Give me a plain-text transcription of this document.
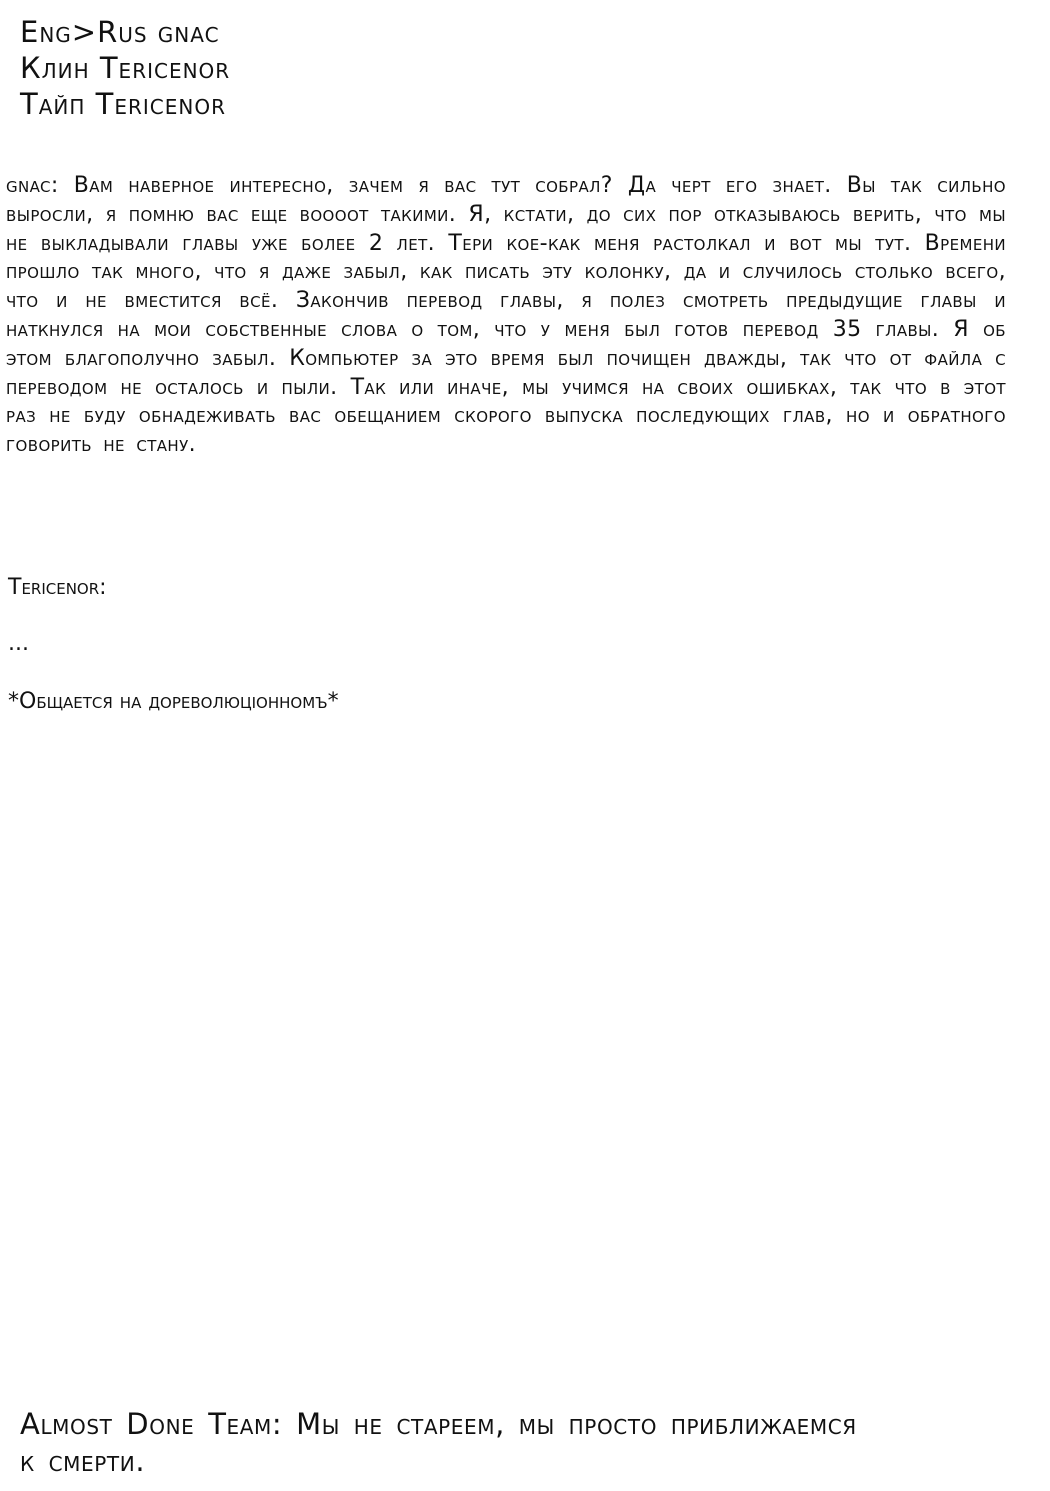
Eng>Rus gnac
Клин Tericenor
Тайп Tericenor

gnac: Вам наверное интересно, зачем я вас тут собрал? Да черт его знает. Вы так сильно выросли, я помню вас еще воооот такими. Я, кстати, до сих пор отказываюсь верить, что мы не выкладывали главы уже более 2 лет. Тери кое-как меня растолкал и вот мы тут. Времени прошло так много, что я даже забыл, как писать эту колонку, да и случилось столько всего, что и не вместится всё. Закончив перевод главы, я полез смотреть предыдущие главы и наткнулся на мои собственные слова о том, что у меня был готов перевод 35 главы. Я об этом благополучно забыл. Компьютер за это время был почищен дважды, так что от файла с переводом не осталось и пыли. Так или иначе, мы учимся на своих ошибках, так что в этот раз не буду обнадеживать вас обещанием скорого выпуска последующих глав, но и обратного говорить не стану.

Tericenor:
...
*Общается на дореволюціонномъ*
Almost Done Team: Мы не стареем, мы просто приближаемся к смерти.
